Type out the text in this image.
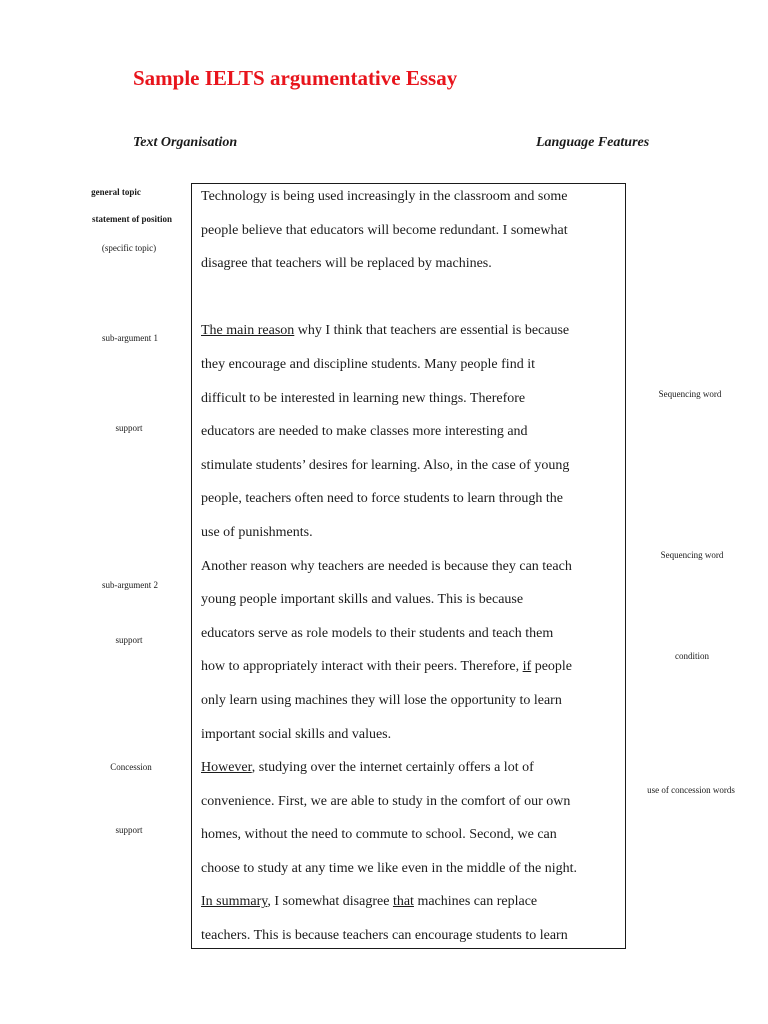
Sample IELTS argumentative Essay
Text Organisation	Language Features
general topic
statement of position
(specific topic)
sub-argument 1
support
sub-argument 2
support
Concession
support
Sequencing word
Sequencing word
condition
use of concession words
Technology is being used increasingly in the classroom and some
people believe that educators will become redundant. I somewhat
disagree that teachers will be replaced by machines.
The main reason why I think that teachers are essential is because
they encourage and discipline students. Many people find it
difficult to be interested in learning new things. Therefore
educators are needed to make classes more interesting and
stimulate students’ desires for learning. Also, in the case of young
people, teachers often need to force students to learn through the
use of punishments.
Another reason why teachers are needed is because they can teach
young people important skills and values. This is because
educators serve as role models to their students and teach them
how to appropriately interact with their peers. Therefore, if people
only learn using machines they will lose the opportunity to learn
important social skills and values.
However, studying over the internet certainly offers a lot of
convenience. First, we are able to study in the comfort of our own
homes, without the need to commute to school. Second, we can
choose to study at any time we like even in the middle of the night.
In summary, I somewhat disagree that machines can replace
teachers. This is because teachers can encourage students to learn
